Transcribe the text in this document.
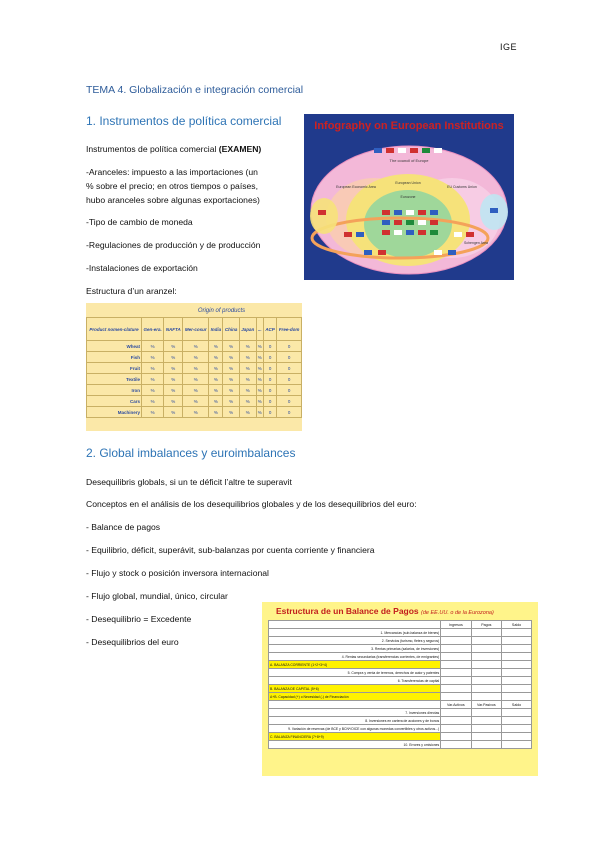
IGE
TEMA 4. Globalización e integración comercial
1. Instrumentos de política comercial
Instrumentos de política comercial (EXAMEN)
-Aranceles: impuesto a las importaciones (un
% sobre el precio; en otros tiempos o países,
hubo aranceles sobre algunas exportaciones)
-Tipo de cambio de moneda
-Regulaciones de producción y de producción
-Instalaciones de exportación
Estructura d’un aranzel:
Infography on European Institutions
The council of Europe
European Economic Area
European Union
Eurozone
EU Customs Union
Schengen Area
	Origin of products								
Product nomen-clature	Gen-era.	NAFTA	Mer-cosur	India	China	Japan	...	ACP	Free-dom
Wheat	%	%	%	%	%	%	%	0	0
Fish	%	%	%	%	%	%	%	0	0
Fruit	%	%	%	%	%	%	%	0	0
Textile	%	%	%	%	%	%	%	0	0
Iron	%	%	%	%	%	%	%	0	0
Cars	%	%	%	%	%	%	%	0	0
Machinery	%	%	%	%	%	%	%	0	0
2. Global imbalances y euroimbalances
Desequilibris globals, si un te déficit l’altre te superavit
Conceptos en el análisis de los desequilibrios globales y de los desequilibrios del euro:
- Balance de pagos
- Equilibrio, déficit, superávit, sub-balanzas por cuenta corriente y financiera
- Flujo y stock o posición inversora internacional
- Flujo global, mundial, único, circular
- Desequilibrio = Excedente
- Desequilibrios del euro
Estructura de un Balance de Pagos (de EE.UU. o de la Eurozona)
	Ingresos	Pagos	Saldo
1. Mercancías (sub-balanza de bienes)			
2. Servicios (turismo, fletes y seguros)			
3. Rentas primarias (salarios, de inversiones)			
4. Rentas secundarias (transferencias corrientes, de emigrantes)			
A. BALANZA CORRIENTE (1+2+3+4)			
5. Compra y venta de terrenos, derechos de autor y patentes			
6. Transferencias de capital			
B. BALANZA DE CAPITAL (5+6)			
A+B. Capacidad (+) o Necesidad (-) de Financiación			
	Var.Activos	Var.Pasivos	Saldo
7. Inversiones directas			
8. Inversiones en cartera de acciones y de bonos			
9. Variación de reservas (de BCE y BCN*/OICE con algunas monedas convertibles y otros activos...)			
C. BALANZA FINANCIERA (7+8+9)			
10. Errores y omisiones			
